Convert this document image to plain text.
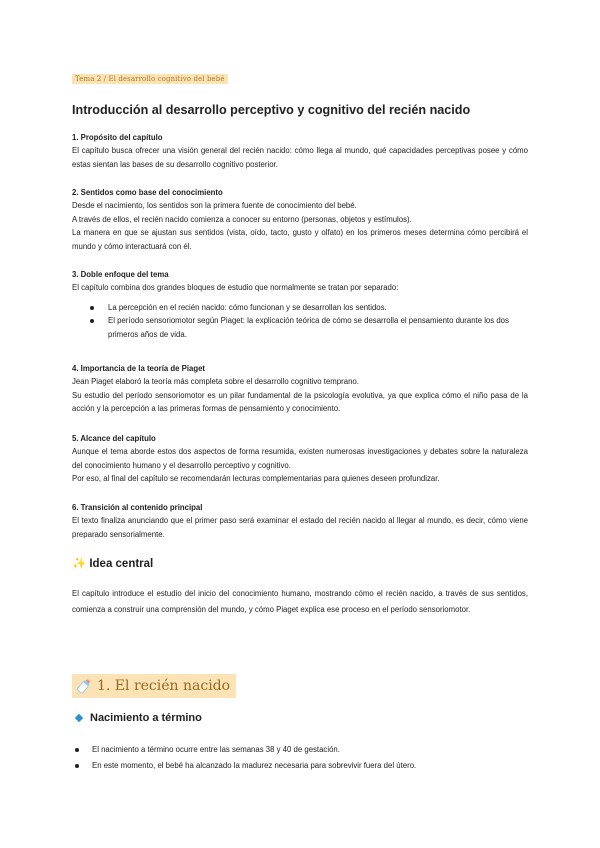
Tema 2 / El desarrollo cognitivo del bebé
Introducción al desarrollo perceptivo y cognitivo del recién nacido
1. Propósito del capítulo

El capítulo busca ofrecer una visión general del recién nacido: cómo llega al mundo, qué capacidades perceptivas posee y cómo estas sientan las bases de su desarrollo cognitivo posterior.

2. Sentidos como base del conocimiento

Desde el nacimiento, los sentidos son la primera fuente de conocimiento del bebé.

A través de ellos, el recién nacido comienza a conocer su entorno (personas, objetos y estímulos).

La manera en que se ajustan sus sentidos (vista, oído, tacto, gusto y olfato) en los primeros meses determina cómo percibirá el mundo y cómo interactuará con él.

3. Doble enfoque del tema

El capítulo combina dos grandes bloques de estudio que normalmente se tratan por separado:

La percepción en el recién nacido: cómo funcionan y se desarrollan los sentidos.
El período sensoriomotor según Piaget: la explicación teórica de cómo se desarrolla el pensamiento durante los dos primeros años de vida.
4. Importancia de la teoría de Piaget

Jean Piaget elaboró la teoría más completa sobre el desarrollo cognitivo temprano.

Su estudio del período sensoriomotor es un pilar fundamental de la psicología evolutiva, ya que explica cómo el niño pasa de la acción y la percepción a las primeras formas de pensamiento y conocimiento.

5. Alcance del capítulo

Aunque el tema aborde estos dos aspectos de forma resumida, existen numerosas investigaciones y debates sobre la naturaleza del conocimiento humano y el desarrollo perceptivo y cognitivo.

Por eso, al final del capítulo se recomendarán lecturas complementarias para quienes deseen profundizar.

6. Transición al contenido principal

El texto finaliza anunciando que el primer paso será examinar el estado del recién nacido al llegar al mundo, es decir, cómo viene preparado sensorialmente.

✨ Idea central

El capítulo introduce el estudio del inicio del conocimiento humano, mostrando cómo el recién nacido, a través de sus sentidos, comienza a construir una comprensión del mundo, y cómo Piaget explica ese proceso en el período sensoriomotor.

1. El recién nacido
Nacimiento a término
El nacimiento a término ocurre entre las semanas 38 y 40 de gestación.
En este momento, el bebé ha alcanzado la madurez necesaria para sobrevivir fuera del útero.
